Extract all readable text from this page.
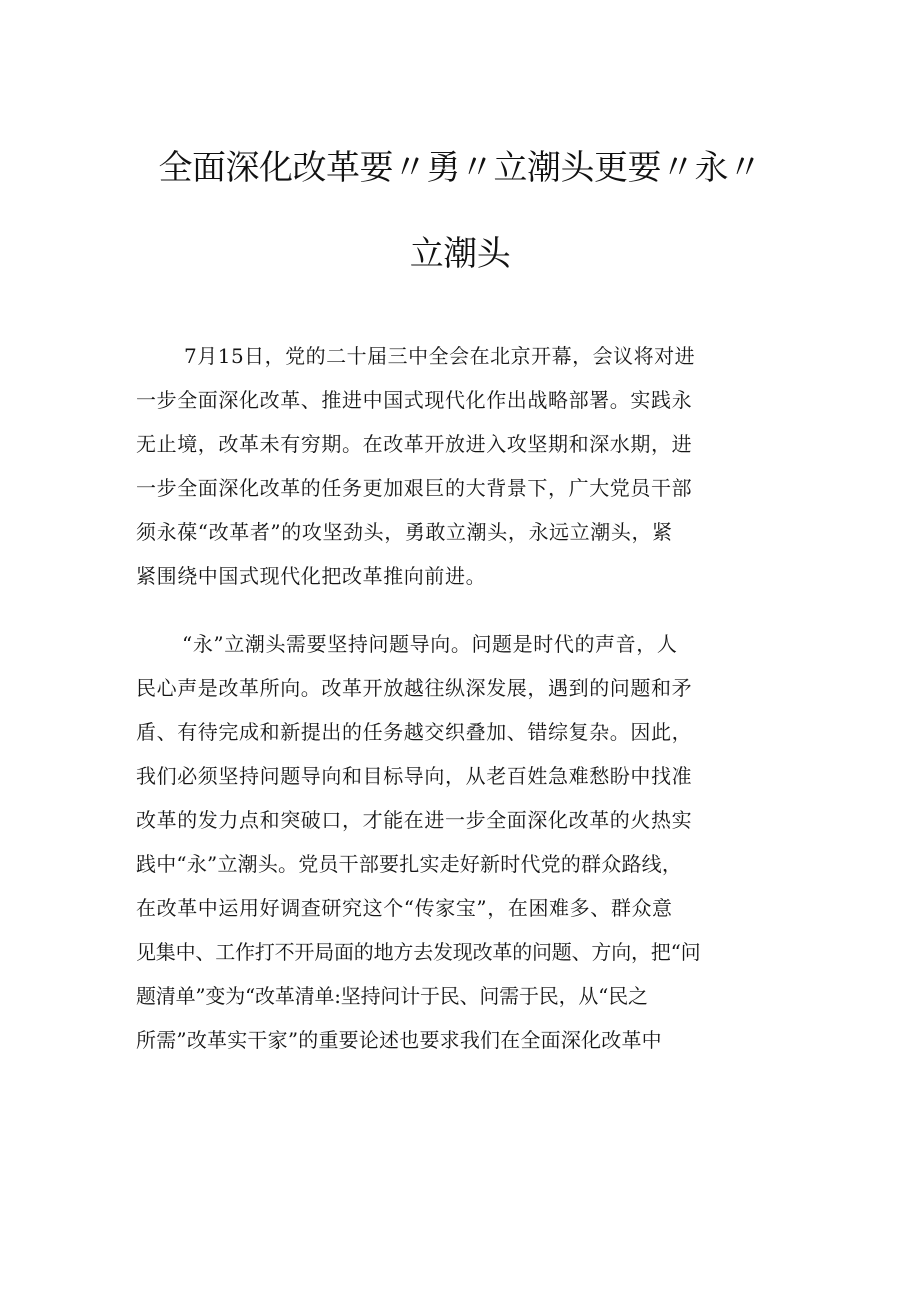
全面深化改革要〃勇〃立潮头更要〃永〃
立潮头
7月15日，党的二十届三中全会在北京开幕，会议将对进
一步全面深化改革、推进中国式现代化作出战略部署。实践永
无止境，改革未有穷期。在改革开放进入攻坚期和深水期，进
一步全面深化改革的任务更加艰巨的大背景下，广大党员干部
须永葆“改革者”的攻坚劲头，勇敢立潮头，永远立潮头，紧
紧围绕中国式现代化把改革推向前进。
“永”立潮头需要坚持问题导向。问题是时代的声音，人
民心声是改革所向。改革开放越往纵深发展，遇到的问题和矛
盾、有待完成和新提出的任务越交织叠加、错综复杂。因此，
我们必须坚持问题导向和目标导向，从老百姓急难愁盼中找准
改革的发力点和突破口，才能在进一步全面深化改革的火热实
践中“永”立潮头。党员干部要扎实走好新时代党的群众路线，
在改革中运用好调查研究这个“传家宝”，在困难多、群众意
见集中、工作打不开局面的地方去发现改革的问题、方向，把“问
题清单”变为“改革清单:坚持问计于民、问需于民，从“民之
所需”改革实干家”的重要论述也要求我们在全面深化改革中
